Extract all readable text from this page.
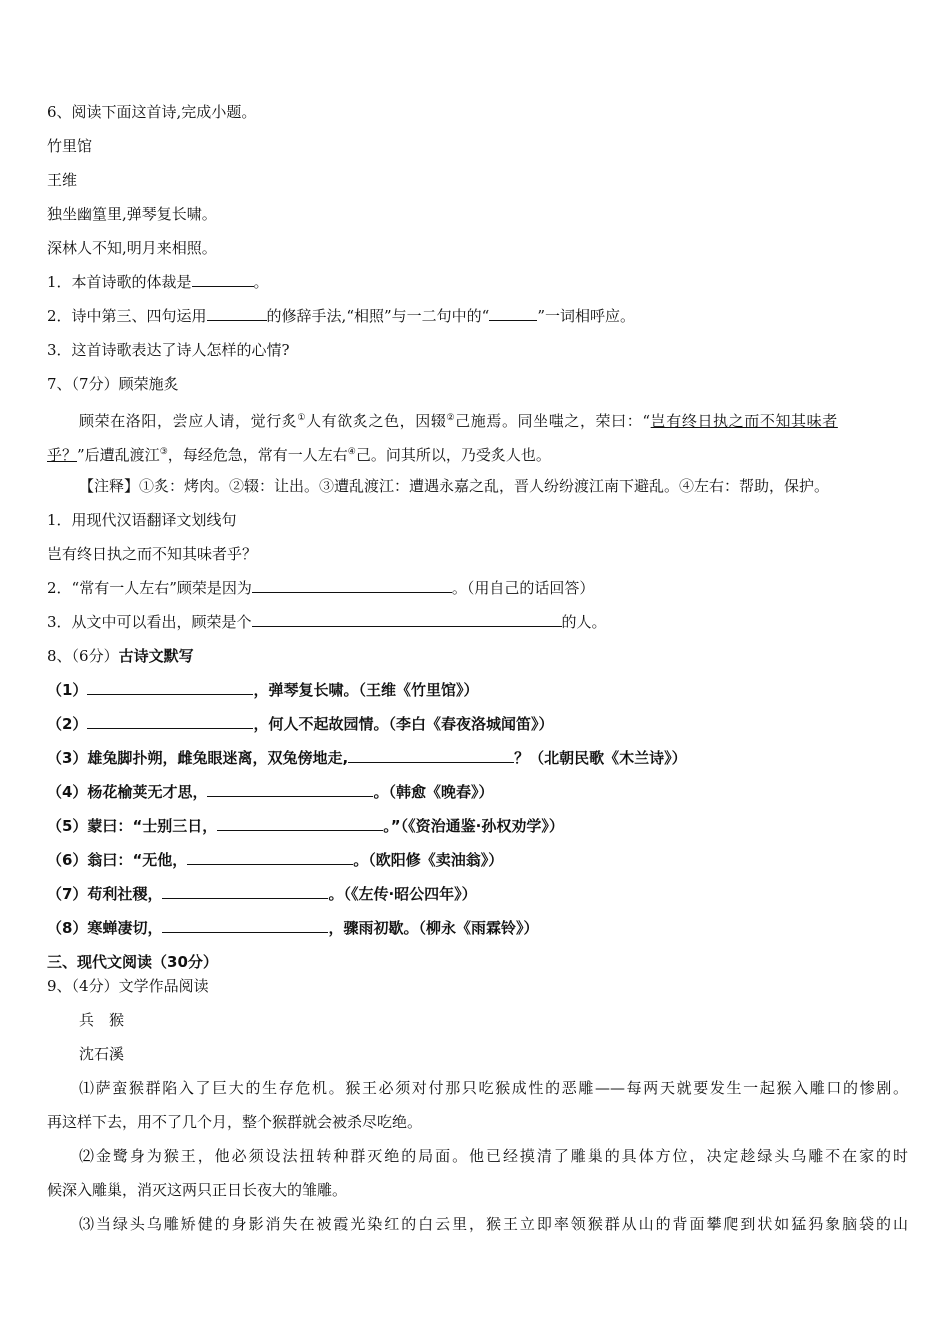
6、阅读下面这首诗,完成小题。
竹里馆
王维
独坐幽篁里,弹琴复长啸。
深林人不知,明月来相照。
1．本首诗歌的体裁是	。
2．诗中第三、四句运用	的修辞手法,“相照”与一二句中的“	”一词相呼应。
3．这首诗歌表达了诗人怎样的心情?
7、（7分）顾荣施炙
顾荣在洛阳，尝应人请，觉行炙①人有欲炙之色，因辍②己施焉。同坐嗤之，荣曰：“岂有终日执之而不知其味者
乎？”后遭乱渡江③，每经危急，常有一人左右④己。问其所以，乃受炙人也。
【注释】①炙：烤肉。②辍：让出。③遭乱渡江：遭遇永嘉之乱，晋人纷纷渡江南下避乱。④左右：帮助，保护。
1．用现代汉语翻译文划线句
岂有终日执之而不知其味者乎？
2．“常有一人左右”顾荣是因为	。（用自己的话回答）
3．从文中可以看出，顾荣是个	的人。
8、（6分）古诗文默写
（1）	，弹琴复长啸。（王维《竹里馆》）
（2）	，何人不起故园情。（李白《春夜洛城闻笛》）
（3）雄兔脚扑朔，雌兔眼迷离，双兔傍地走,	？（北朝民歌《木兰诗》）
（4）杨花榆荚无才思，	。（韩愈《晚春》）
（5）蒙曰：“士别三日，	。”（《资治通鉴·孙权劝学》）
（6）翁曰：“无他，	。（欧阳修《卖油翁》）
（7）苟利社稷，	。（《左传·昭公四年》）
（8）寒蝉凄切，	，骤雨初歇。（柳永《雨霖铃》）
三、现代文阅读（30分）
9、（4分）文学作品阅读
兵　猴
沈石溪
⑴萨蛮猴群陷入了巨大的生存危机。猴王必须对付那只吃猴成性的恶雕——每两天就要发生一起猴入雕口的惨剧。
再这样下去，用不了几个月，整个猴群就会被杀尽吃绝。
⑵金鹭身为猴王，他必须设法扭转种群灭绝的局面。他已经摸清了雕巢的具体方位，决定趁绿头乌雕不在家的时
候深入雕巢，消灭这两只正日长夜大的雏雕。
⑶当绿头乌雕矫健的身影消失在被霞光染红的白云里，猴王立即率领猴群从山的背面攀爬到状如猛犸象脑袋的山
